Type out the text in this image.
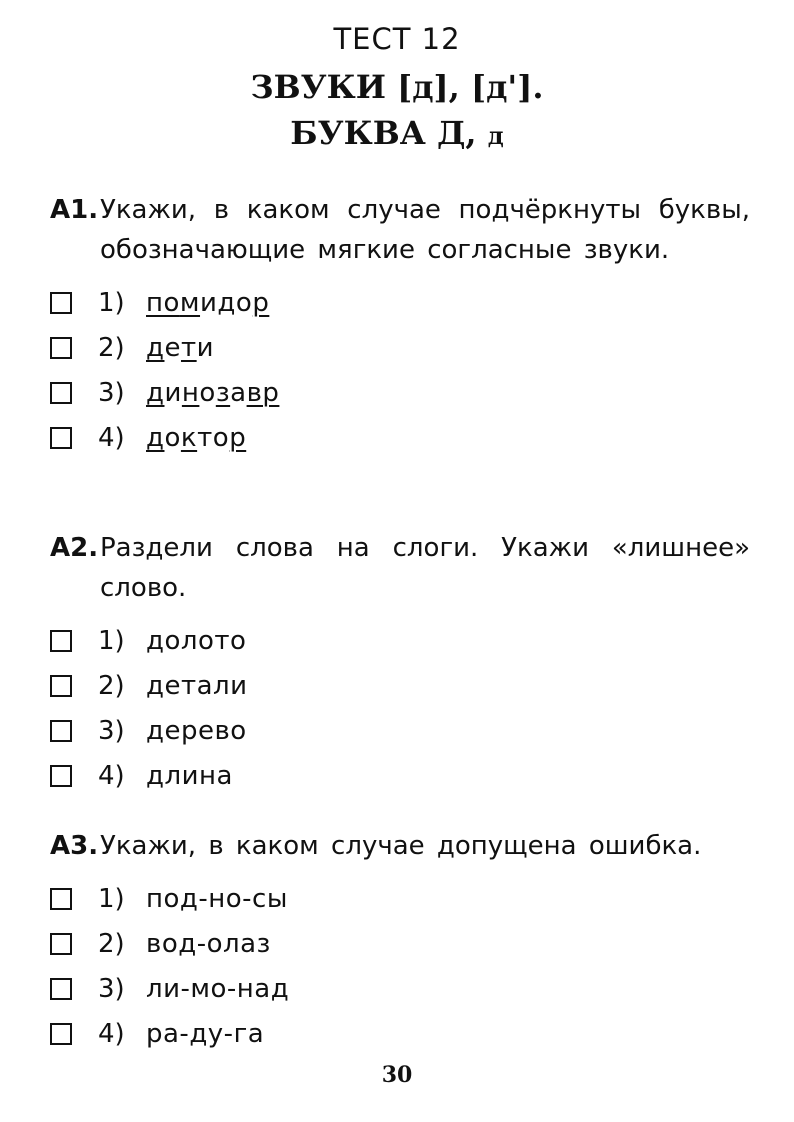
ТЕСТ 12
ЗВУКИ [д], [д'].
БУКВА Д, д
А1. Укажи, в каком случае подчёркнуты буквы, обозначающие мягкие согласные звуки.
1) помидор
2) дети
3) динозавр
4) доктор
А2. Раздели слова на слоги. Укажи «лишнее» слово.
1) долото
2) детали
3) дерево
4) длина
А3. Укажи, в каком случае допущена ошибка.
1) под-но-сы
2) вод-олаз
3) ли-мо-над
4) ра-ду-га
30
